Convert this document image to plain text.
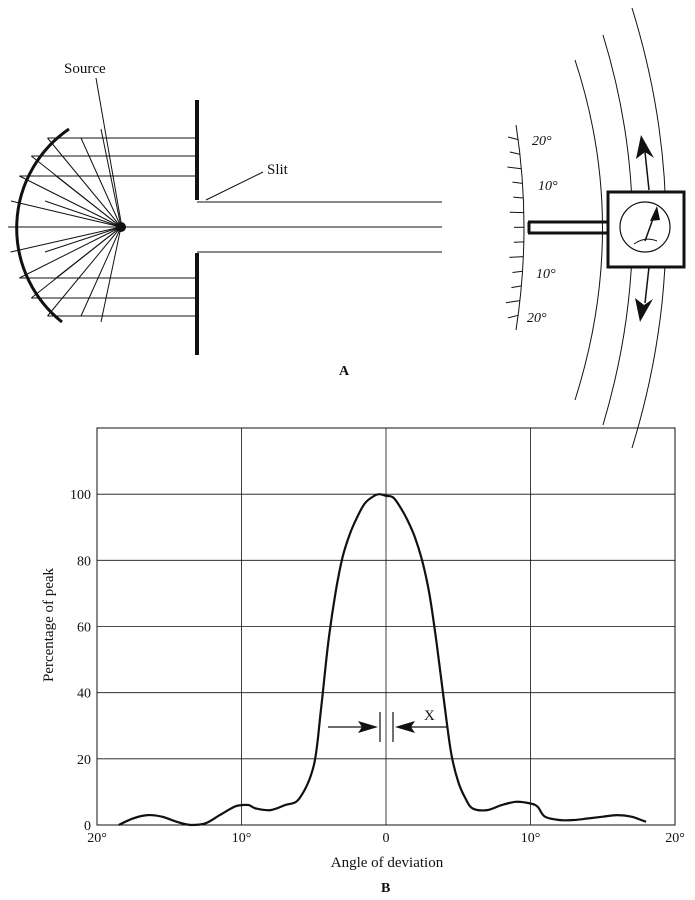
Source
Slit
20°
10°
10°
20°
A
0
20
40
60
80
100
20°	10°	0	10°	20°
Percentage of peak
Angle of deviation
X
B
